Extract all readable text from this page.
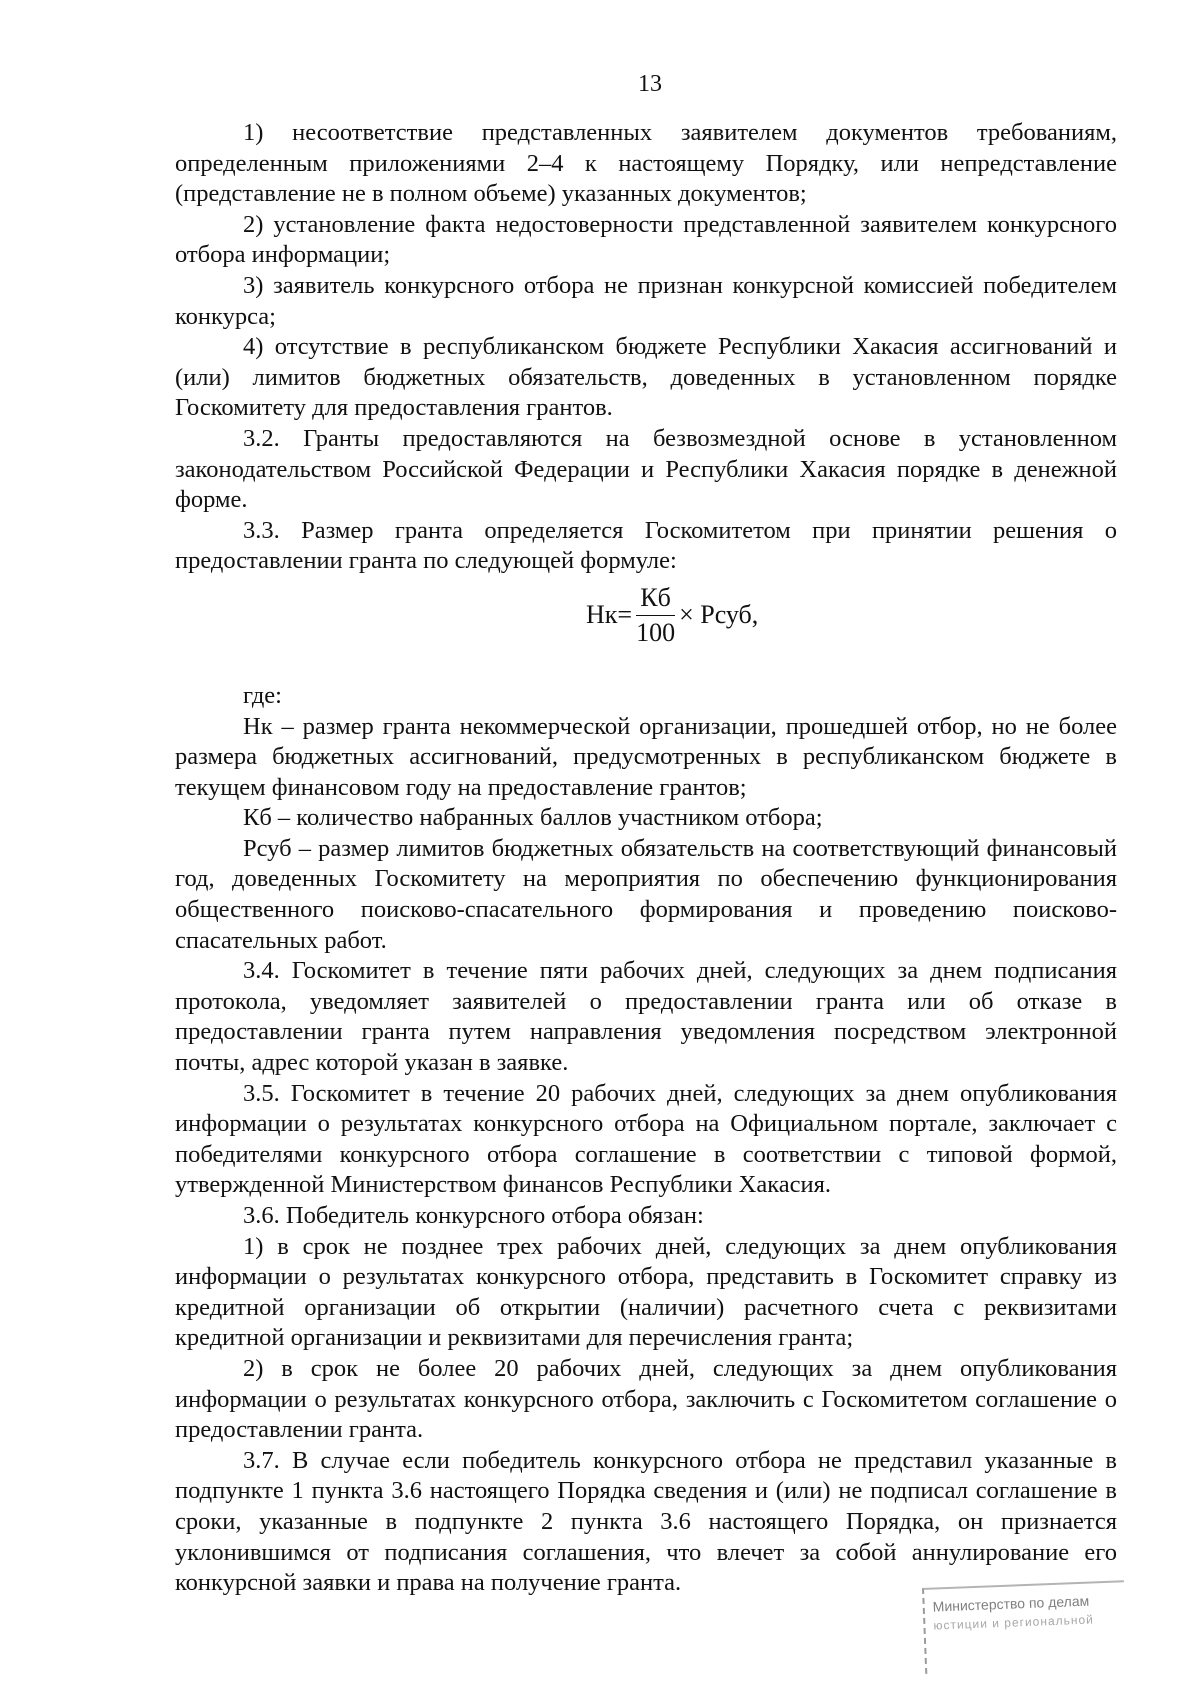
13

1) несоответствие представленных заявителем документов требованиям, определенным приложениями 2–4 к настоящему Порядку, или непредставление (представление не в полном объеме) указанных документов;

2) установление факта недостоверности представленной заявителем конкурсного отбора информации;

3) заявитель конкурсного отбора не признан конкурсной комиссией победителем конкурса;

4) отсутствие в республиканском бюджете Республики Хакасия ассигнований и (или) лимитов бюджетных обязательств, доведенных в установленном порядке Госкомитету для предоставления грантов.

3.2. Гранты предоставляются на безвозмездной основе в установленном законодательством Российской Федерации и Республики Хакасия порядке в денежной форме.

3.3. Размер гранта определяется Госкомитетом при принятии решения о предоставлении гранта по следующей формуле:

$Нк= \frac{Кб}{100}$ × Рсуб,

где:

Нк – размер гранта некоммерческой организации, прошедшей отбор, но не более размера бюджетных ассигнований, предусмотренных в республиканском бюджете в текущем финансовом году на предоставление грантов;

Кб – количество набранных баллов участником отбора;

Рсуб – размер лимитов бюджетных обязательств на соответствующий финансовый год, доведенных Госкомитету на мероприятия по обеспечению функционирования общественного поисково-спасательного формирования и проведению поисково-спасательных работ.

3.4. Госкомитет в течение пяти рабочих дней, следующих за днем подписания протокола, уведомляет заявителей о предоставлении гранта или об отказе в предоставлении гранта путем направления уведомления посредством электронной почты, адрес которой указан в заявке.

3.5. Госкомитет в течение 20 рабочих дней, следующих за днем опубликования информации о результатах конкурсного отбора на Официальном портале, заключает с победителями конкурсного отбора соглашение в соответствии с типовой формой, утвержденной Министерством финансов Республики Хакасия.

3.6. Победитель конкурсного отбора обязан:

1) в срок не позднее трех рабочих дней, следующих за днем опубликования информации о результатах конкурсного отбора, представить в Госкомитет справку из кредитной организации об открытии (наличии) расчетного счета с реквизитами кредитной организации и реквизитами для перечисления гранта;

2) в срок не более 20 рабочих дней, следующих за днем опубликования информации о результатах конкурсного отбора, заключить с Госкомитетом соглашение о предоставлении гранта.

3.7. В случае если победитель конкурсного отбора не представил указанные в подпункте 1 пункта 3.6 настоящего Порядка сведения и (или) не подписал соглашение в сроки, указанные в подпункте 2 пункта 3.6 настоящего Порядка, он признается уклонившимся от подписания соглашения, что влечет за собой аннулирование его конкурсной заявки и права на получение гранта.

Министерство по делам
юстиции и региональной
